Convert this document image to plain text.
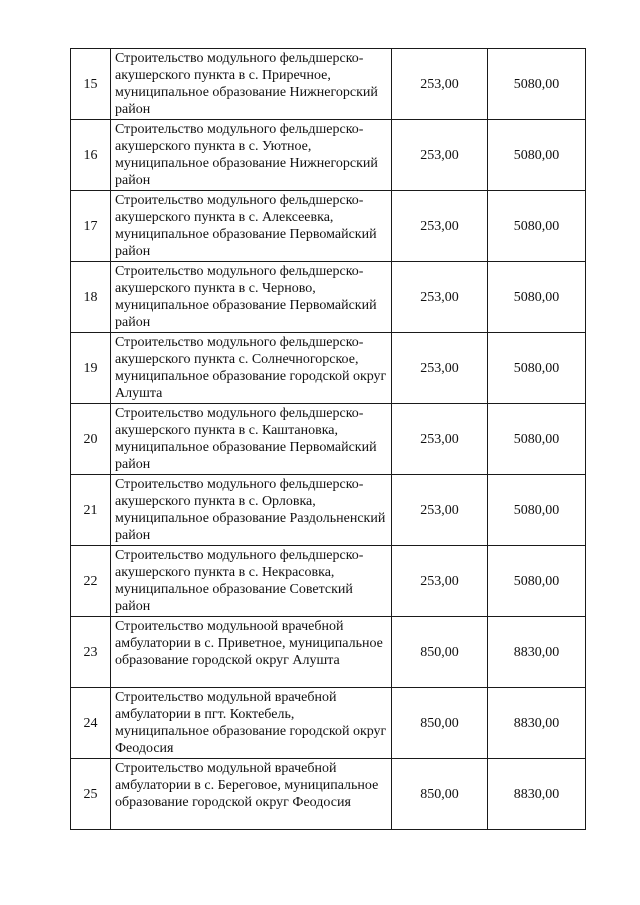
15	Строительство модульного фельдшерско-акушерского пункта в с. Приречное, муниципальное образование Нижнегорский район	253,00	5080,00
16	Строительство модульного фельдшерско-акушерского пункта в с. Уютное, муниципальное образование Нижнегорский район	253,00	5080,00
17	Строительство модульного фельдшерско-акушерского пункта в с. Алексеевка, муниципальное образование Первомайский район	253,00	5080,00
18	Строительство модульного фельдшерско-акушерского пункта в с. Черново, муниципальное образование Первомайский район	253,00	5080,00
19	Строительство модульного фельдшерско-акушерского пункта с. Солнечногорское, муниципальное образование городской округ Алушта	253,00	5080,00
20	Строительство модульного фельдшерско-акушерского пункта в с. Каштановка, муниципальное образование Первомайский район	253,00	5080,00
21	Строительство модульного фельдшерско-акушерского пункта в с. Орловка, муниципальное образование Раздольненский район	253,00	5080,00
22	Строительство модульного фельдшерско-акушерского пункта в с. Некрасовка, муниципальное образование Советский район	253,00	5080,00
23	Строительство модульноой врачебной амбулатории в с. Приветное, муниципальное образование городской округ Алушта	850,00	8830,00
24	Строительство модульной врачебной амбулатории в пгт. Коктебель, муниципальное образование городской округ Феодосия	850,00	8830,00
25	Строительство модульной врачебной амбулатории в с. Береговое, муниципальное образование городской округ Феодосия	850,00	8830,00
